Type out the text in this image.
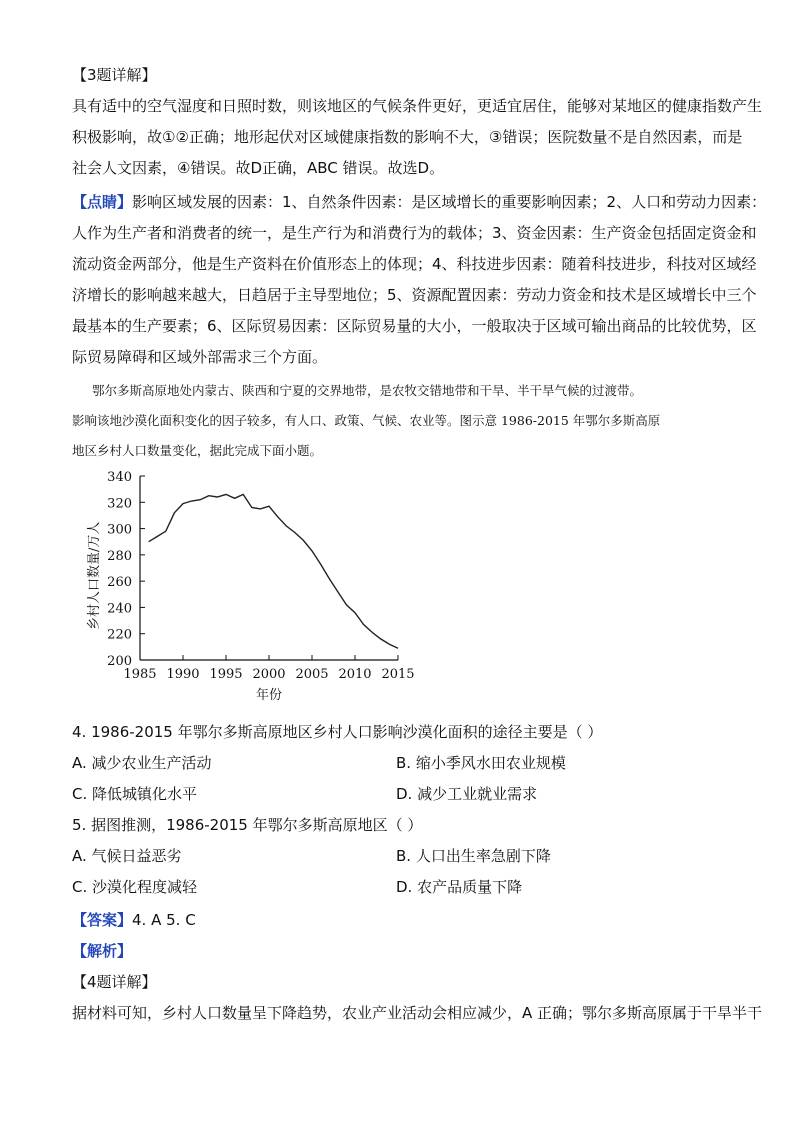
【3题详解】
具有适中的空气湿度和日照时数，则该地区的气候条件更好，更适宜居住，能够对某地区的健康指数产生
积极影响，故①②正确；地形起伏对区域健康指数的影响不大，③错误；医院数量不是自然因素，而是
社会人文因素，④错误。故D正确，ABC 错误。故选D。
【点睛】影响区域发展的因素：1、自然条件因素：是区域增长的重要影响因素；2、人口和劳动力因素：
人作为生产者和消费者的统一，是生产行为和消费行为的载体；3、资金因素：生产资金包括固定资金和
流动资金两部分，他是生产资料在价值形态上的体现；4、科技进步因素：随着科技进步，科技对区域经
济增长的影响越来越大，日趋居于主导型地位；5、资源配置因素：劳动力资金和技术是区域增长中三个
最基本的生产要素；6、区际贸易因素：区际贸易量的大小，一般取决于区域可输出商品的比较优势，区
际贸易障碍和区域外部需求三个方面。
鄂尔多斯高原地处内蒙古、陕西和宁夏的交界地带，是农牧交错地带和干旱、半干旱气候的过渡带。
影响该地沙漠化面积变化的因子较多，有人口、政策、气候、农业等。图示意 1986-2015 年鄂尔多斯高原
地区乡村人口数量变化，据此完成下面小题。
200
220
240
260
280
300
320
340
1985 1990 1995 2000 2005 2010 2015
乡村人口数量/万人
年份
4. 1986-2015 年鄂尔多斯高原地区乡村人口影响沙漠化面积的途径主要是（ ）
A. 减少农业生产活动	B. 缩小季风水田农业规模
C. 降低城镇化水平	D. 减少工业就业需求
5. 据图推测，1986-2015 年鄂尔多斯高原地区（ ）
A. 气候日益恶劣	B. 人口出生率急剧下降
C. 沙漠化程度减轻	D. 农产品质量下降
【答案】4. A 5. C
【解析】
【4题详解】
据材料可知，乡村人口数量呈下降趋势，农业产业活动会相应减少，A 正确；鄂尔多斯高原属于干旱半干
